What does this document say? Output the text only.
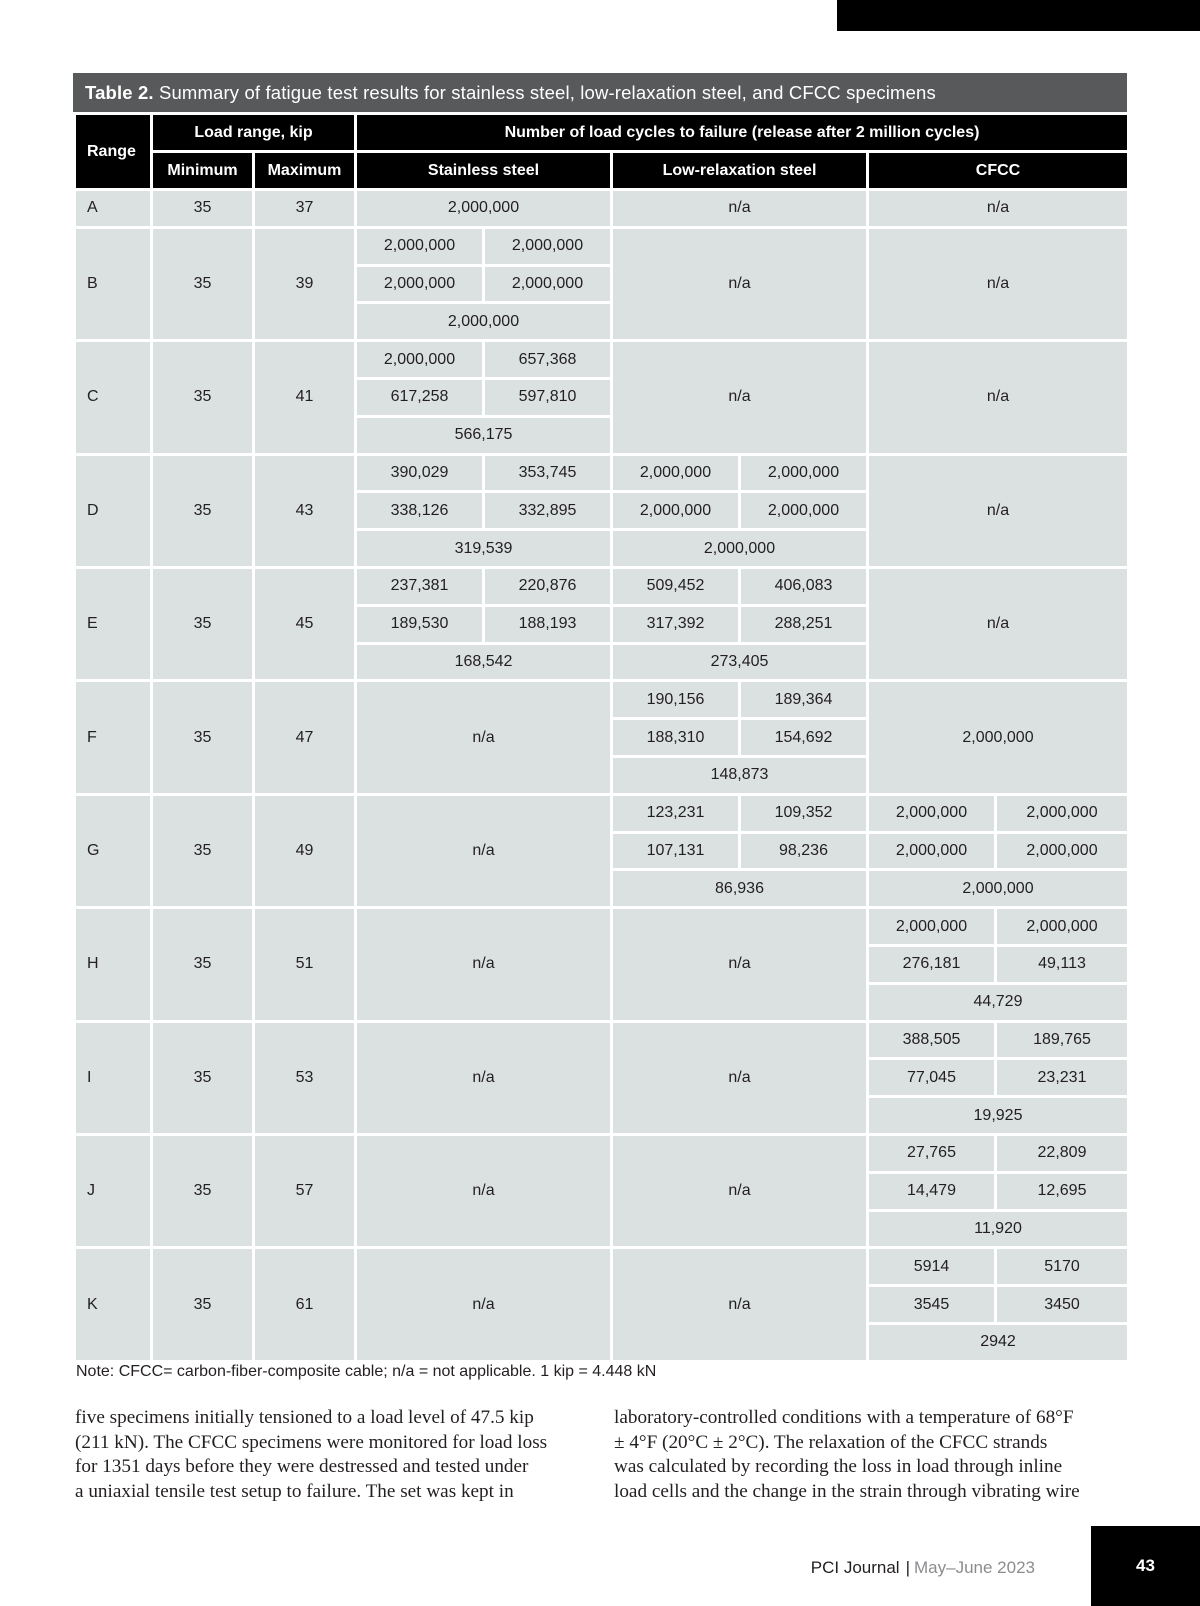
Table 2. Summary of fatigue test results for stainless steel, low-relaxation steel, and CFCC specimens
Range	Load range, kip		Number of load cycles to failure (release after 2 million cycles)					
	Minimum	Maximum	Stainless steel		Low-relaxation steel		CFCC	
A	35	37	2,000,000		n/a		n/a	
B	35	39	2,000,000	2,000,000	n/a		n/a	
			2,000,000	2,000,000				
			2,000,000					
C	35	41	2,000,000	657,368	n/a		n/a	
			617,258	597,810				
			566,175					
D	35	43	390,029	353,745	2,000,000	2,000,000	n/a	
			338,126	332,895	2,000,000	2,000,000		
			319,539		2,000,000			
E	35	45	237,381	220,876	509,452	406,083	n/a	
			189,530	188,193	317,392	288,251		
			168,542		273,405			
F	35	47	n/a		190,156	189,364	2,000,000	
					188,310	154,692		
					148,873			
G	35	49	n/a		123,231	109,352	2,000,000	2,000,000
					107,131	98,236	2,000,000	2,000,000
					86,936		2,000,000	
H	35	51	n/a		n/a		2,000,000	2,000,000
							276,181	49,113
							44,729	
I	35	53	n/a		n/a		388,505	189,765
							77,045	23,231
							19,925	
J	35	57	n/a		n/a		27,765	22,809
							14,479	12,695
							11,920	
K	35	61	n/a		n/a		5914	5170
							3545	3450
							2942	
Note: CFCC= carbon-fiber-composite cable; n/a = not applicable. 1 kip = 4.448 kN								
five specimens initially tensioned to a load level of 47.5 kip
(211 kN). The CFCC specimens were monitored for load loss
for 1351 days before they were destressed and tested under
a uniaxial tensile test setup to failure. The set was kept in
laboratory-controlled conditions with a temperature of 68°F
± 4°F (20°C ± 2°C). The relaxation of the CFCC strands
was calculated by recording the loss in load through inline
load cells and the change in the strain through vibrating wire
PCI Journal | May–June 2023	43
